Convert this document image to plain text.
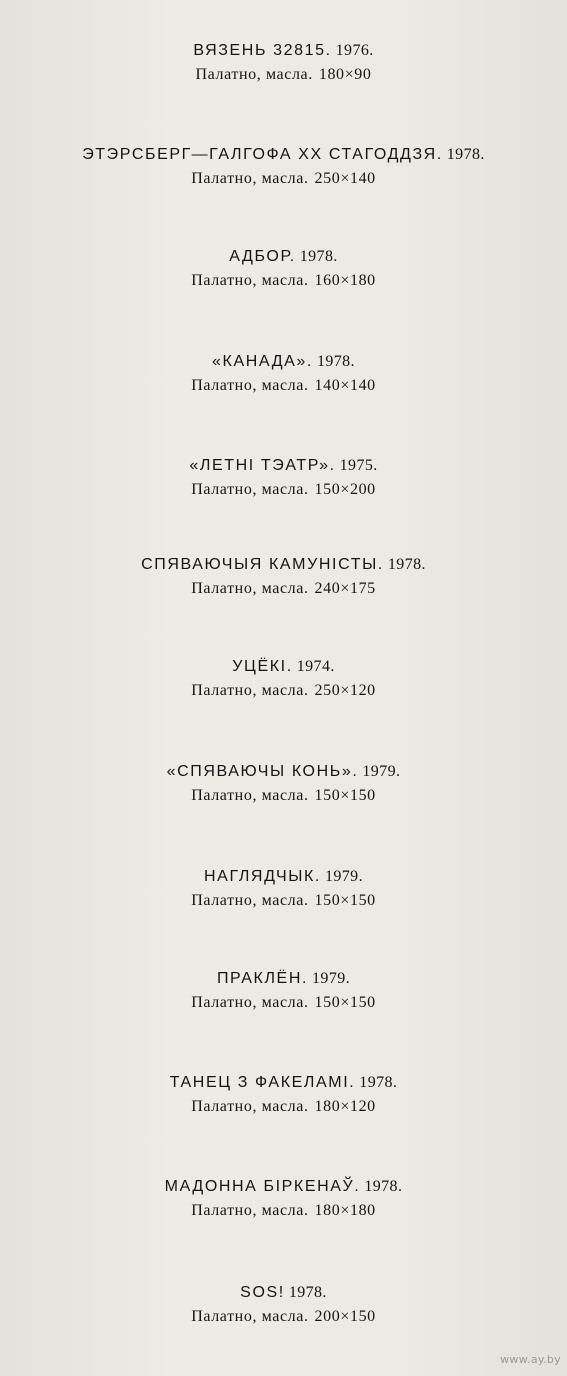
ВЯЗЕНЬ 32815. 1976.
Палатно, масла. 180×90
ЭТЭРСБЕРГ—ГАЛГОФА XX СТАГОДДЗЯ. 1978.
Палатно, масла. 250×140
АДБОР. 1978.
Палатно, масла. 160×180
«КАНАДА». 1978.
Палатно, масла. 140×140
«ЛЕТНІ ТЭАТР». 1975.
Палатно, масла. 150×200
СПЯВАЮЧЫЯ КАМУНІСТЫ. 1978.
Палатно, масла. 240×175
УЦЁКІ. 1974.
Палатно, масла. 250×120
«СПЯВАЮЧЫ КОНЬ». 1979.
Палатно, масла. 150×150
НАГЛЯДЧЫК. 1979.
Палатно, масла. 150×150
ПРАКЛЁН. 1979.
Палатно, масла. 150×150
ТАНЕЦ З ФАКЕЛАМІ. 1978.
Палатно, масла. 180×120
МАДОННА БІРКЕНАЎ. 1978.
Палатно, масла. 180×180
SOS! 1978.
Палатно, масла. 200×150
www.ay.by
